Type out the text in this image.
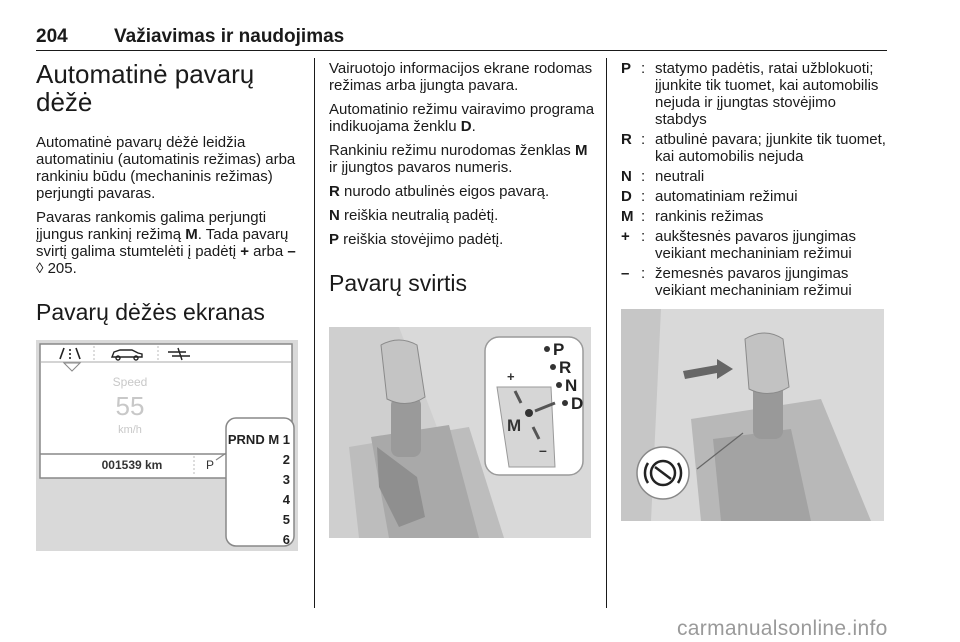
204 Važiavimas ir naudojimas
Automatinė pavarų dėžė

Automatinė pavarų dėžė leidžia automatiniu (automatinis režimas) arba rankiniu būdu (mechaninis režimas) perjungti pavaras.

Pavaras rankomis galima perjungti įjungus rankinį režimą M. Tada pavarų svirtį galima stumtelėti į padėtį + arba – ◊ 205.

Pavarų dėžės ekranas
Speed
55
km/h
001539 km	P
PRND M 1
2
3
4
5
6

Vairuotojo informacijos ekrane rodomas režimas arba įjungta pavara.

Automatinio režimu vairavimo programa indikuojama ženklu D.

Rankiniu režimu nurodomas ženklas M ir įjungtos pavaros numeris.

R nurodo atbulinės eigos pavarą.

N reiškia neutralią padėtį.

P reiškia stovėjimo padėtį.

Pavarų svirtis
P
R
N
D
M
+
–
P : statymo padėtis, ratai užblokuoti; įjunkite tik tuomet, kai automobilis nejuda ir įjungtas stovėjimo stabdys
R : atbulinė pavara; įjunkite tik tuomet, kai automobilis nejuda
N : neutrali
D : automatiniam režimui
M : rankinis režimas
+ : aukštesnės pavaros įjungimas veikiant mechaniniam režimui
– : žemesnės pavaros įjungimas veikiant mechaniniam režimui
carmanualsonline.info
